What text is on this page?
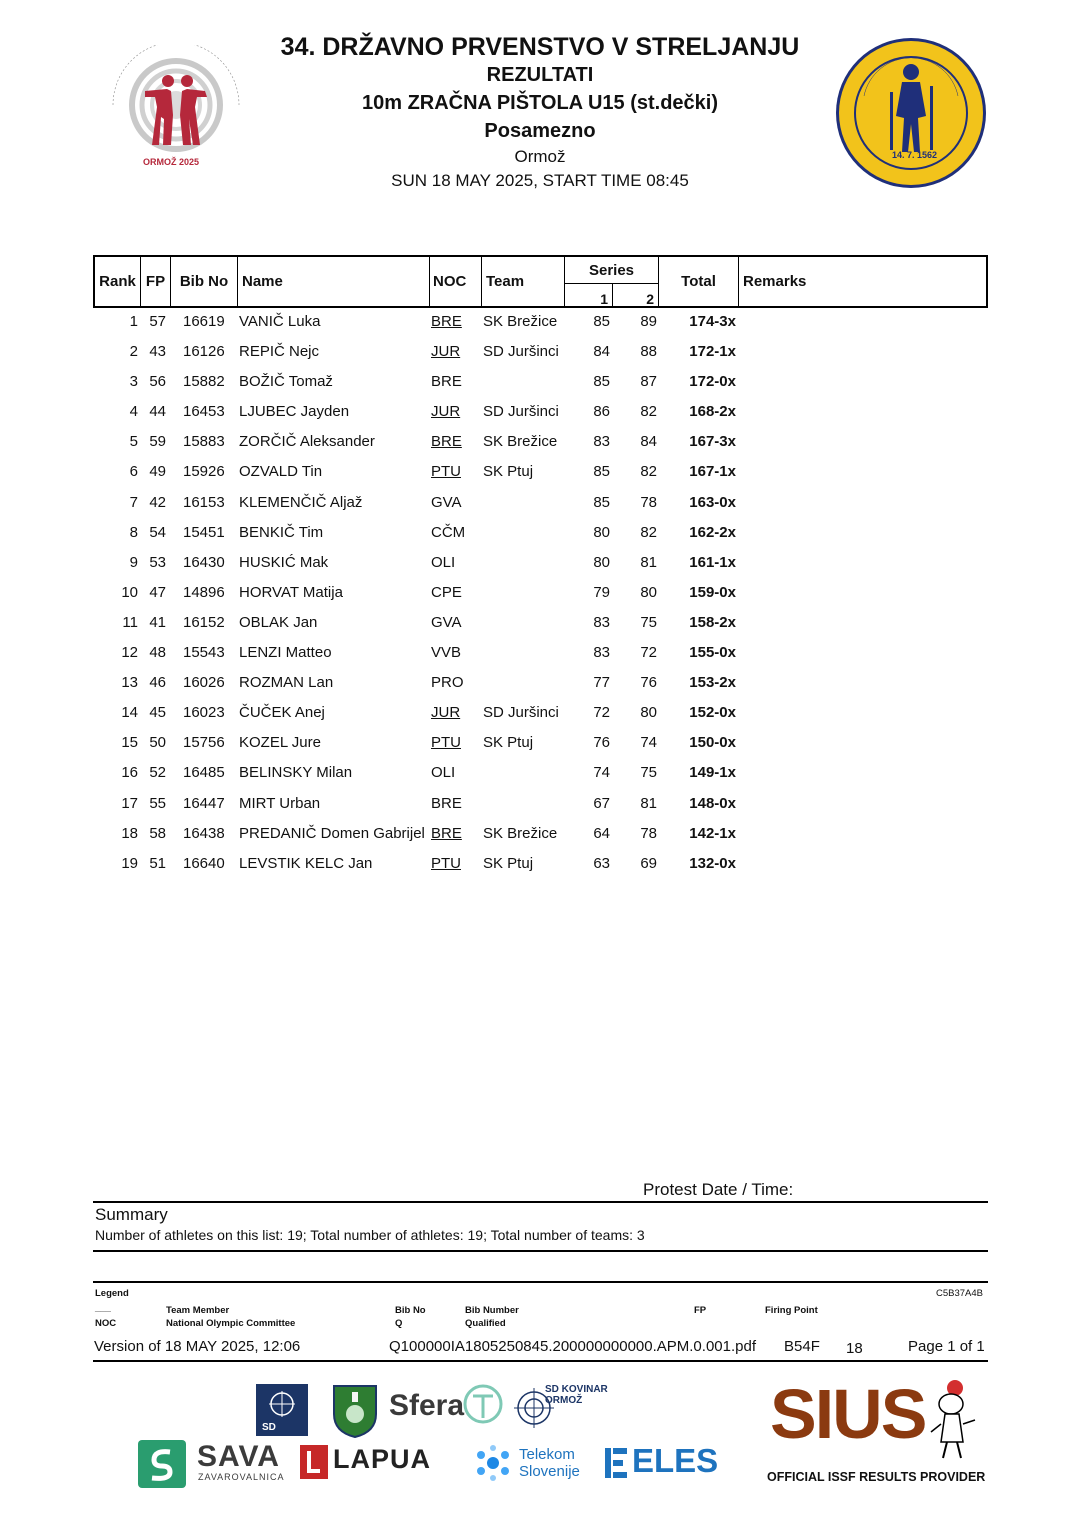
ORMOŽ 2025
34. DRŽAVNO PRVENSTVO V STRELJANJU
REZULTATI
10m ZRAČNA PIŠTOLA U15 (st.dečki)
Posamezno
Ormož
SUN 18 MAY 2025, START TIME 08:45
14. 7. 1562
Rank FP Bib No Name	NOC	Team
Series
1	2
Total	Remarks
1 57 16619 VANIČ Luka	BRE SK Brežice	85	89	174-3x
2 43 16126 REPIČ Nejc	JUR SD Juršinci	84	88	172-1x
3 56 15882 BOŽIČ Tomaž	BRE	85	87	172-0x
4 44 16453 LJUBEC Jayden	JUR SD Juršinci	86	82	168-2x
5 59 15883 ZORČIČ Aleksander	BRE SK Brežice	83	84	167-3x
6 49 15926 OZVALD Tin	PTU SK Ptuj	85	82	167-1x
7 42 16153 KLEMENČIČ Aljaž	GVA	85	78	163-0x
8 54 15451 BENKIČ Tim	CČM	80	82	162-2x
9 53 16430 HUSKIĆ Mak	OLI	80	81	161-1x
10 47 14896 HORVAT Matija	CPE	79	80	159-0x
11 41 16152 OBLAK Jan	GVA	83	75	158-2x
12 48 15543 LENZI Matteo	VVB	83	72	155-0x
13 46 16026 ROZMAN Lan	PRO	77	76	153-2x
14 45 16023 ČUČEK Anej	JUR SD Juršinci	72	80	152-0x
15 50 15756 KOZEL Jure	PTU SK Ptuj	76	74	150-0x
16 52 16485 BELINSKY Milan	OLI	74	75	149-1x
17 55 16447 MIRT Urban	BRE	67	81	148-0x
18 58 16438 PREDANIČ Domen Gabrijel BRE SK Brežice	64	78	142-1x
19 51 16640 LEVSTIK KELC Jan	PTU SK Ptuj	63	69	132-0x
Protest Date / Time:
Summary
Number of athletes on this list: 19; Total number of athletes: 19; Total number of teams: 3
Legend	C5B37A4B
___	Team Member	Bib No	Bib Number	FP	Firing Point
NOC	National Olympic Committee	Q	Qualified
Version of 18 MAY 2025, 12:06	Q100000IA1805250845.200000000000.APM.0.001.pdf B54F 18	Page 1 of 1
SD
Sfera	SD KOVINAR ORMOŽ	SIUS
SAVA
ZAVAROVALNICA
LAPUA	Telekom
Slovenije ELES	OFFICIAL ISSF RESULTS PROVIDER
